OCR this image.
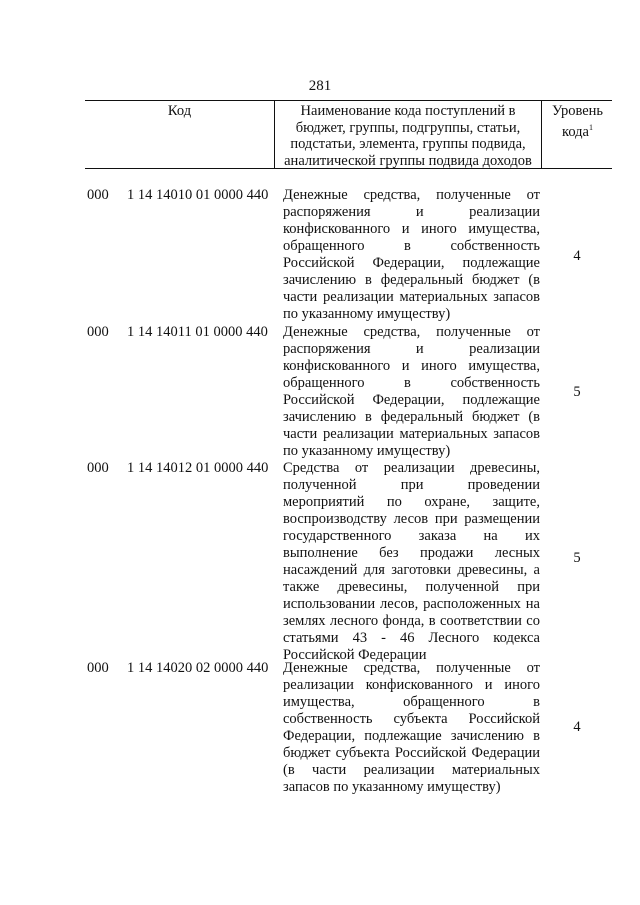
281
Код	Наименование кода поступлений в бюджет, группы, подгруппы, статьи, подстатьи, элемента, группы подвида, аналитической группы подвида доходов
Уровень кода$^1$
000 1 14 14010 01 0000 440 Денежные средства, полученные от распоряжения и реализации конфискованного и иного имущества, обращенного в собственность Российской Федерации, подлежащие зачислению в федеральный бюджет (в части реализации материальных запасов по указанному имуществу)
4
000 1 14 14011 01 0000 440 Денежные средства, полученные от распоряжения и реализации конфискованного и иного имущества, обращенного в собственность Российской Федерации, подлежащие зачислению в федеральный бюджет (в части реализации материальных запасов по указанному имуществу)
5
000 1 14 14012 01 0000 440 Средства от реализации древесины, полученной при проведении мероприятий по охране, защите, воспроизводству лесов при размещении государственного заказа на их выполнение без продажи лесных насаждений для заготовки древесины, а также древесины, полученной при использовании лесов, расположенных на землях лесного фонда, в соответствии со статьями 43 - 46 Лесного кодекса Российской Федерации
5
000 1 14 14020 02 0000 440 Денежные средства, полученные от реализации конфискованного и иного имущества, обращенного в собственность субъекта Российской Федерации, подлежащие зачислению в бюджет субъекта Российской Федерации (в части реализации материальных запасов по указанному имуществу)
4
